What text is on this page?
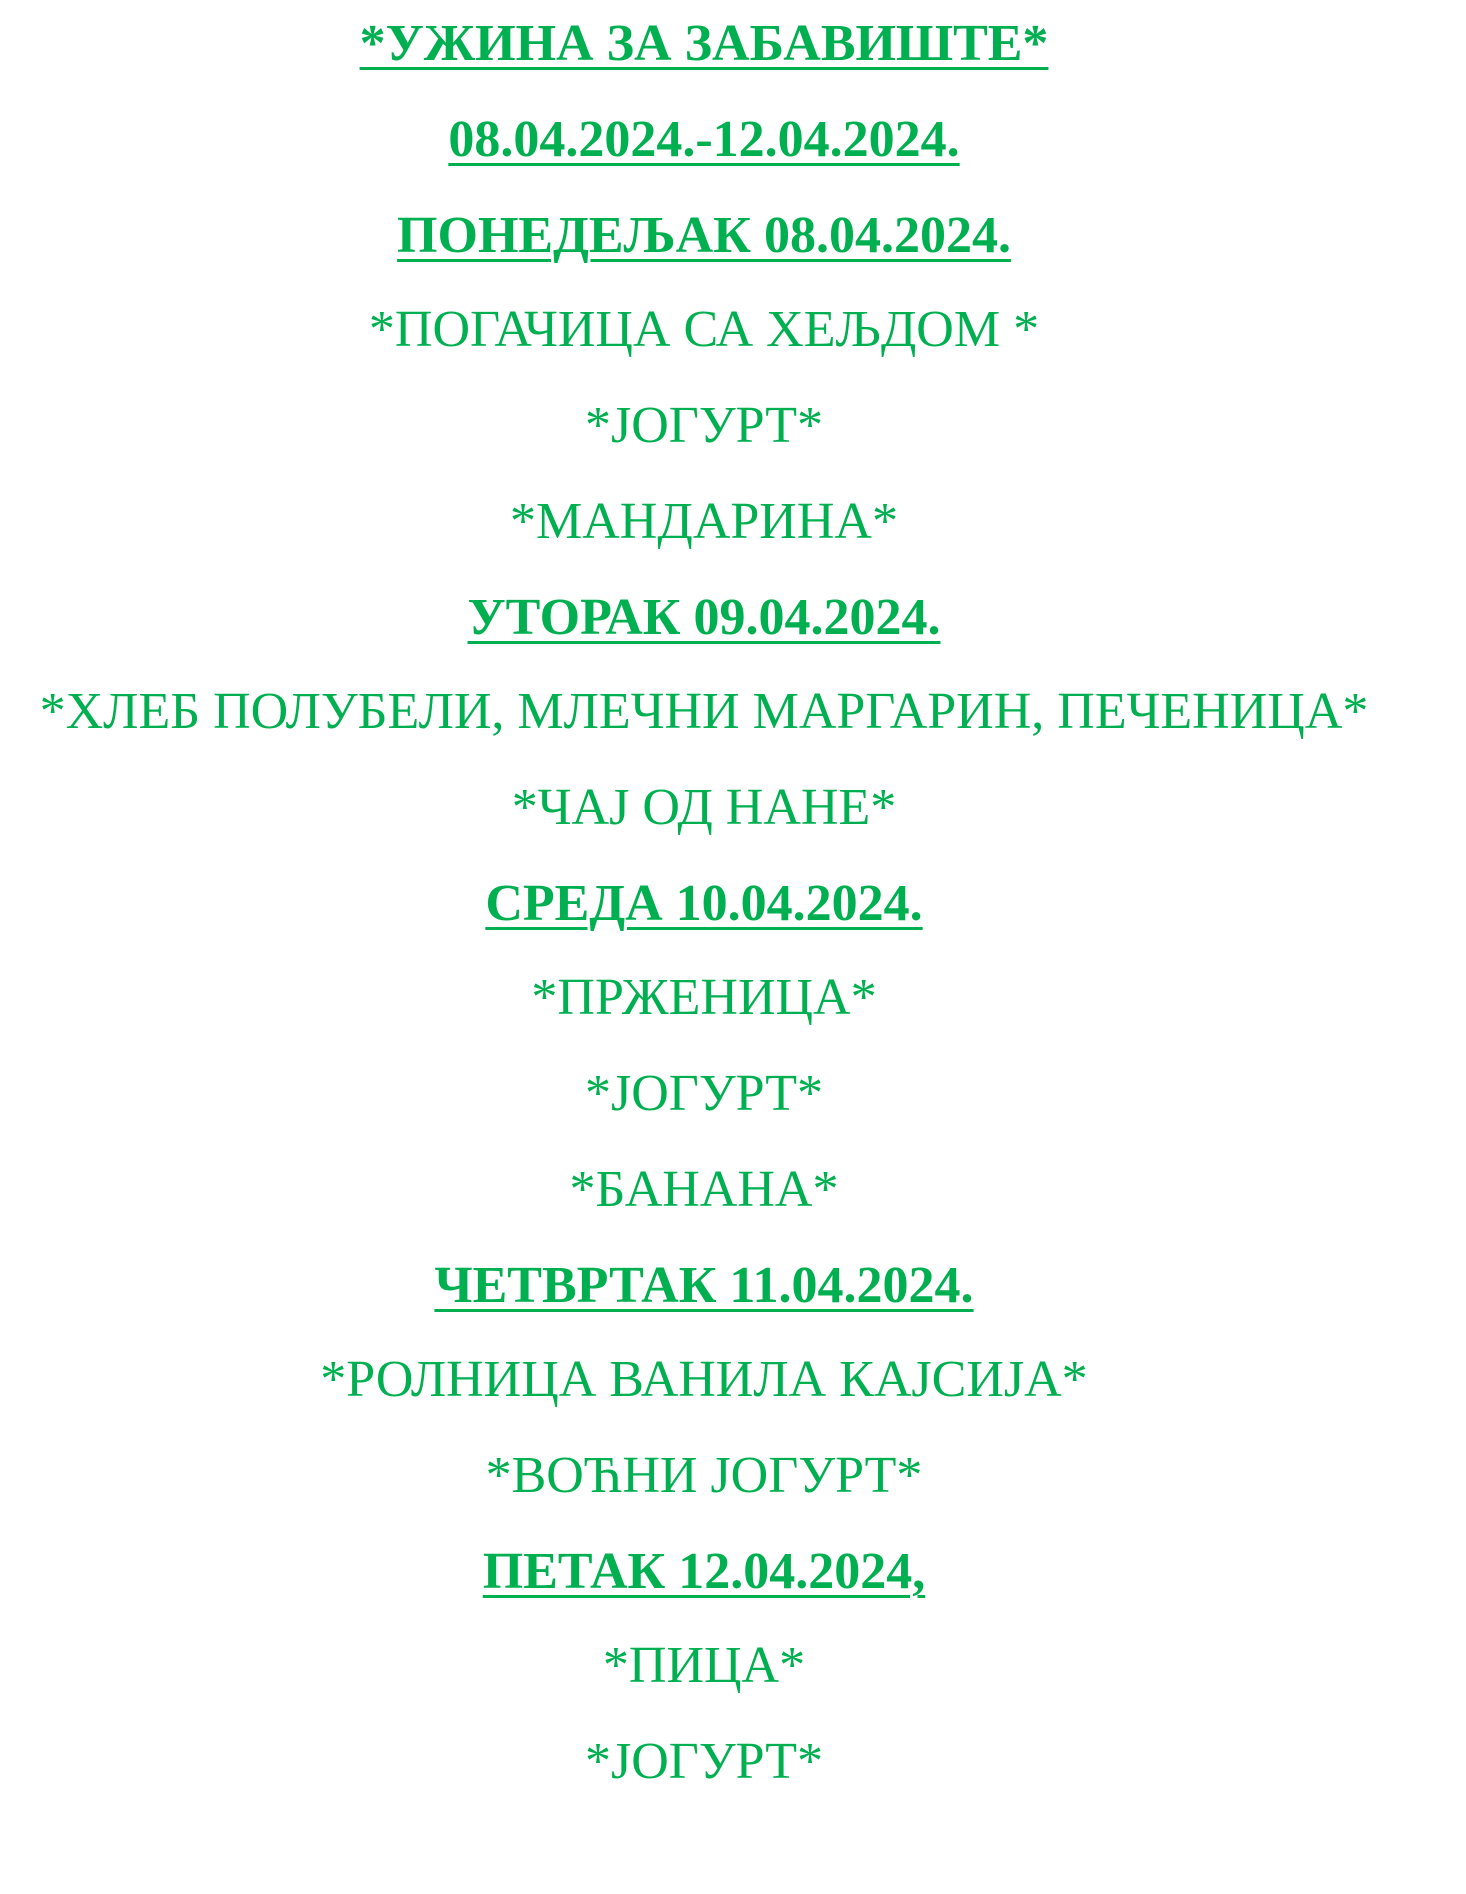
*УЖИНА ЗА ЗАБАВИШТЕ*
08.04.2024.-12.04.2024.
ПОНЕДЕЉАК 08.04.2024.
*ПОГАЧИЦА СА ХЕЉДОМ *
*ЈОГУРТ*
*МАНДАРИНА*
УТОРАК 09.04.2024.
*ХЛЕБ ПОЛУБЕЛИ, МЛЕЧНИ МАРГАРИН, ПЕЧЕНИЦА*
*ЧАЈ ОД НАНЕ*
СРЕДА 10.04.2024.
*ПРЖЕНИЦА*
*ЈОГУРТ*
*БАНАНА*
ЧЕТВРТАК 11.04.2024.
*РОЛНИЦА ВАНИЛА КАЈСИЈА*
*ВОЋНИ ЈОГУРТ*
ПЕТАК 12.04.2024,
*ПИЦА*
*ЈОГУРТ*
